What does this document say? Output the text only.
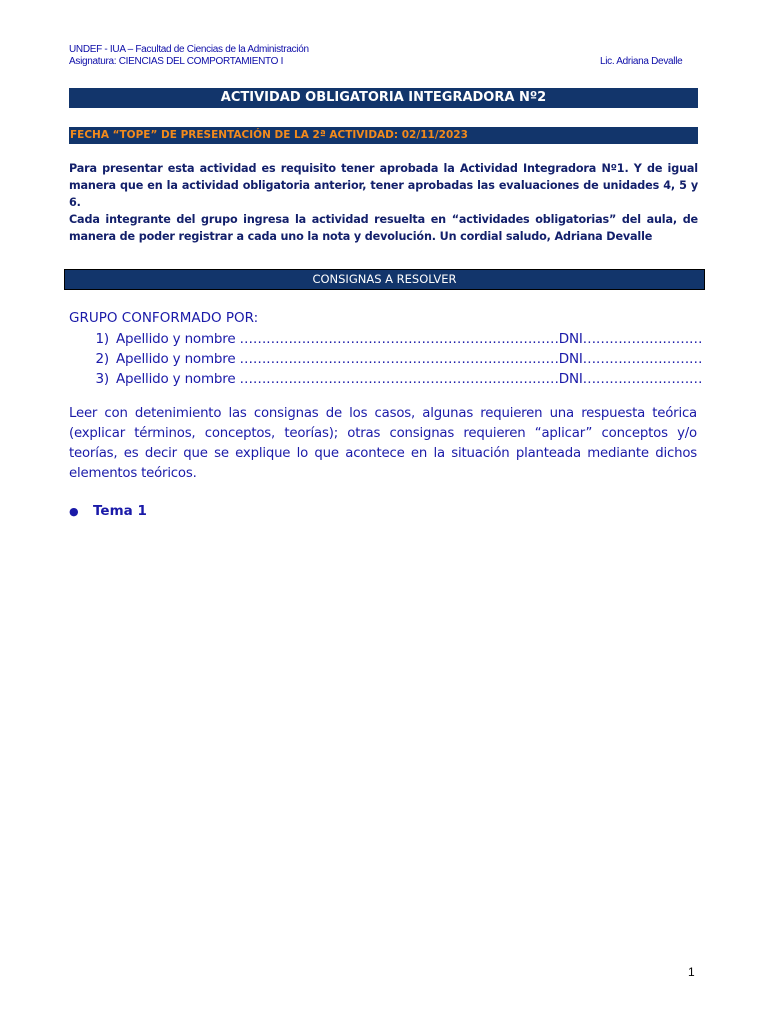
UNDEF - IUA – Facultad de Ciencias de la Administración
Asignatura: CIENCIAS DEL COMPORTAMIENTO I	Lic. Adriana Devalle
ACTIVIDAD OBLIGATORIA INTEGRADORA Nº2
FECHA “TOPE” DE PRESENTACIÓN DE LA 2ª ACTIVIDAD: 02/11/2023

Para presentar esta actividad es requisito tener aprobada la Actividad Integradora Nº1. Y de igual manera que en la actividad obligatoria anterior, tener aprobadas las evaluaciones de unidades 4, 5 y 6.

Cada integrante del grupo ingresa la actividad resuelta en “actividades obligatorias” del aula, de manera de poder registrar a cada uno la nota y devolución. Un cordial saludo, Adriana Devalle

CONSIGNAS A RESOLVER
GRUPO CONFORMADO POR:
1) Apellido y nombre ………………………………………………………………DNI………………………
2) Apellido y nombre ………………………………………………………………DNI………………………
3) Apellido y nombre ………………………………………………………………DNI………………………

Leer con detenimiento las consignas de los casos, algunas requieren una respuesta teórica (explicar términos, conceptos, teorías); otras consignas requieren “aplicar” conceptos y/o teorías, es decir que se explique lo que acontece en la situación planteada mediante dichos elementos teóricos.

● Tema 1
1
